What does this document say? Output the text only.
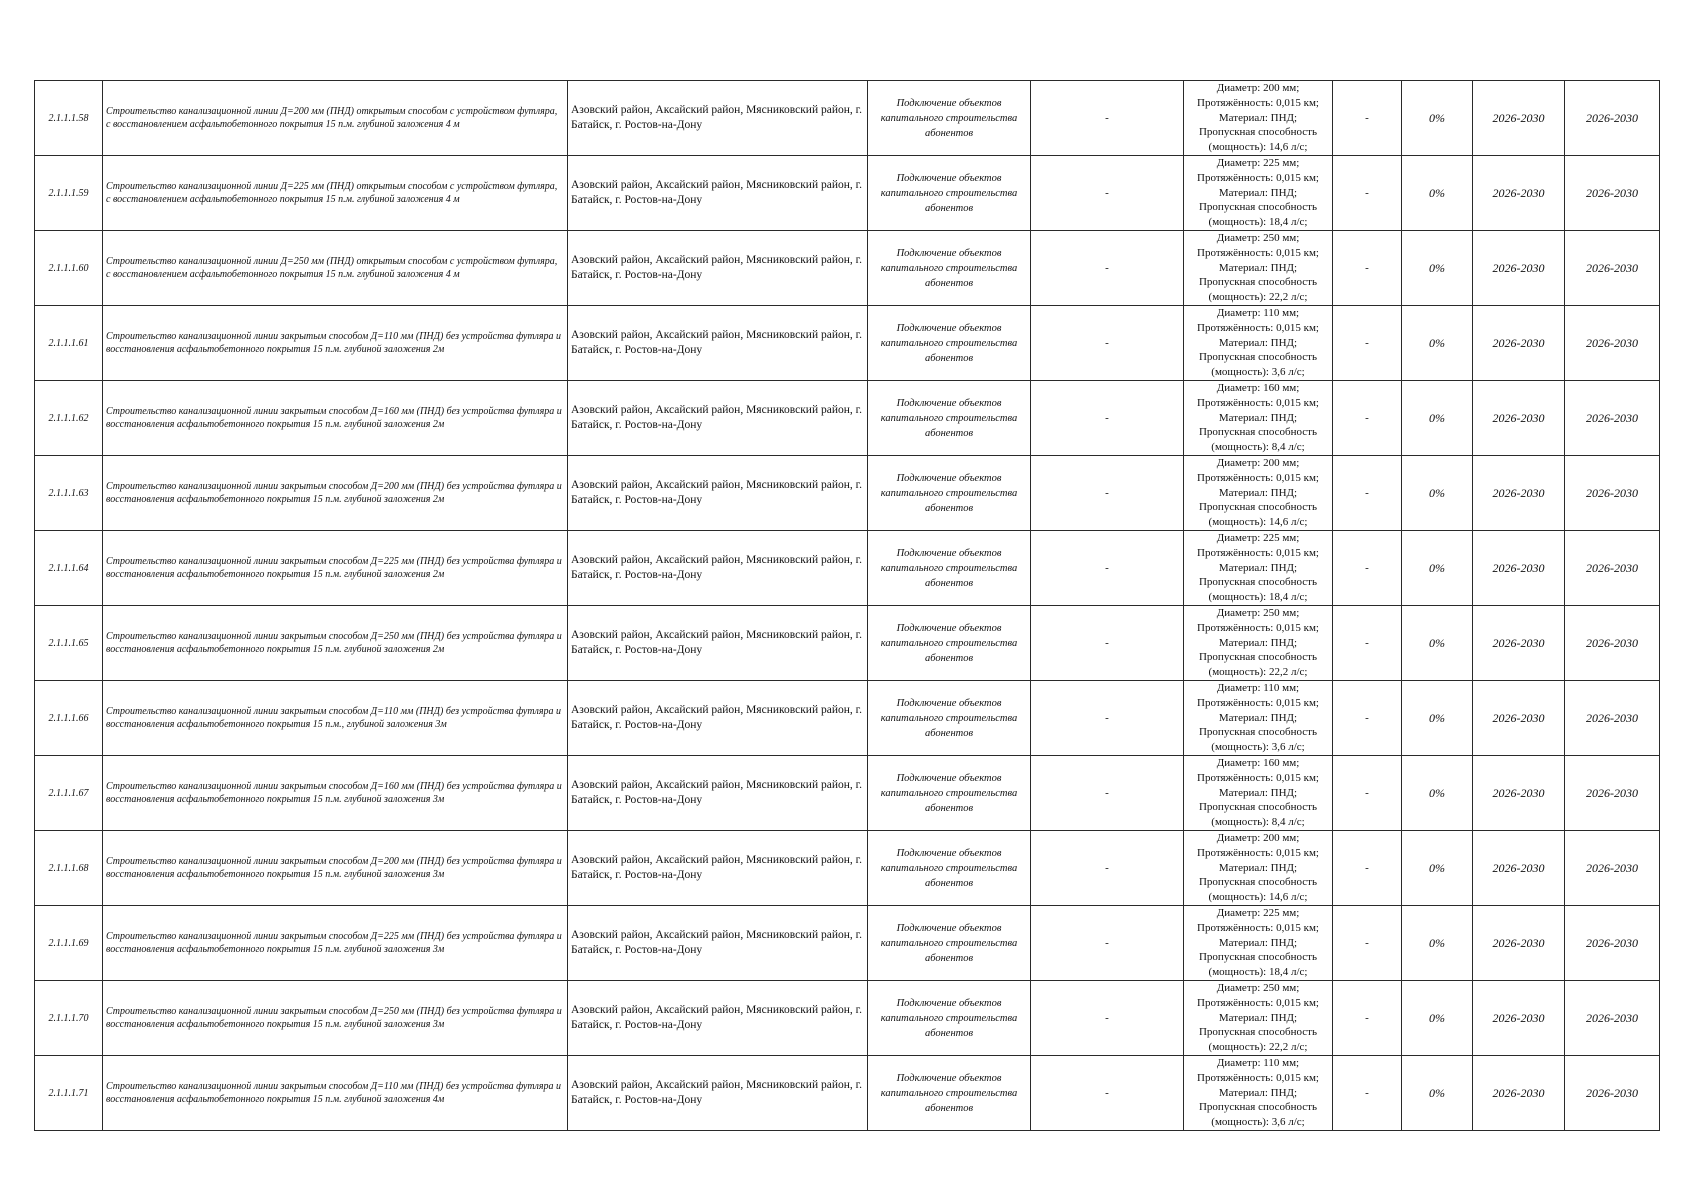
2.1.1.1.58	Строительство канализационной линии Д=200 мм (ПНД) открытым способом с устройством футляра, с восстановлением асфальтобетонного покрытия 15 п.м. глубиной заложения 4 м	Азовский район, Аксайский район, Мясниковский район, г. Батайск, г. Ростов-на-Дону	Подключение объектов капитального строительства абонентов	-	Диаметр: 200 мм;
Протяжённость: 0,015 км;
Материал: ПНД;
Пропускная способность
(мощность): 14,6 л/с;	-	0%	2026-2030	2026-2030
2.1.1.1.59	Строительство канализационной линии Д=225 мм (ПНД) открытым способом с устройством футляра, с восстановлением асфальтобетонного покрытия 15 п.м. глубиной заложения 4 м	Азовский район, Аксайский район, Мясниковский район, г. Батайск, г. Ростов-на-Дону	Подключение объектов капитального строительства абонентов	-	Диаметр: 225 мм;
Протяжённость: 0,015 км;
Материал: ПНД;
Пропускная способность
(мощность): 18,4 л/с;	-	0%	2026-2030	2026-2030
2.1.1.1.60	Строительство канализационной линии Д=250 мм (ПНД) открытым способом с устройством футляра, с восстановлением асфальтобетонного покрытия 15 п.м. глубиной заложения 4 м	Азовский район, Аксайский район, Мясниковский район, г. Батайск, г. Ростов-на-Дону	Подключение объектов капитального строительства абонентов	-	Диаметр: 250 мм;
Протяжённость: 0,015 км;
Материал: ПНД;
Пропускная способность
(мощность): 22,2 л/с;	-	0%	2026-2030	2026-2030
2.1.1.1.61	Строительство канализационной линии закрытым способом Д=110 мм (ПНД) без устройства футляра и восстановления асфальтобетонного покрытия 15 п.м. глубиной заложения 2м	Азовский район, Аксайский район, Мясниковский район, г. Батайск, г. Ростов-на-Дону	Подключение объектов капитального строительства абонентов	-	Диаметр: 110 мм;
Протяжённость: 0,015 км;
Материал: ПНД;
Пропускная способность
(мощность): 3,6 л/с;	-	0%	2026-2030	2026-2030
2.1.1.1.62	Строительство канализационной линии закрытым способом Д=160 мм (ПНД) без устройства футляра и восстановления асфальтобетонного покрытия 15 п.м. глубиной заложения 2м	Азовский район, Аксайский район, Мясниковский район, г. Батайск, г. Ростов-на-Дону	Подключение объектов капитального строительства абонентов	-	Диаметр: 160 мм;
Протяжённость: 0,015 км;
Материал: ПНД;
Пропускная способность
(мощность): 8,4 л/с;	-	0%	2026-2030	2026-2030
2.1.1.1.63	Строительство канализационной линии закрытым способом Д=200 мм (ПНД) без устройства футляра и восстановления асфальтобетонного покрытия 15 п.м. глубиной заложения 2м	Азовский район, Аксайский район, Мясниковский район, г. Батайск, г. Ростов-на-Дону	Подключение объектов капитального строительства абонентов	-	Диаметр: 200 мм;
Протяжённость: 0,015 км;
Материал: ПНД;
Пропускная способность
(мощность): 14,6 л/с;	-	0%	2026-2030	2026-2030
2.1.1.1.64	Строительство канализационной линии закрытым способом Д=225 мм (ПНД) без устройства футляра и восстановления асфальтобетонного покрытия 15 п.м. глубиной заложения 2м	Азовский район, Аксайский район, Мясниковский район, г. Батайск, г. Ростов-на-Дону	Подключение объектов капитального строительства абонентов	-	Диаметр: 225 мм;
Протяжённость: 0,015 км;
Материал: ПНД;
Пропускная способность
(мощность): 18,4 л/с;	-	0%	2026-2030	2026-2030
2.1.1.1.65	Строительство канализационной линии закрытым способом Д=250 мм (ПНД) без устройства футляра и восстановления асфальтобетонного покрытия 15 п.м. глубиной заложения 2м	Азовский район, Аксайский район, Мясниковский район, г. Батайск, г. Ростов-на-Дону	Подключение объектов капитального строительства абонентов	-	Диаметр: 250 мм;
Протяжённость: 0,015 км;
Материал: ПНД;
Пропускная способность
(мощность): 22,2 л/с;	-	0%	2026-2030	2026-2030
2.1.1.1.66	Строительство канализационной линии закрытым способом Д=110 мм (ПНД) без устройства футляра и восстановления асфальтобетонного покрытия 15 п.м., глубиной заложения 3м	Азовский район, Аксайский район, Мясниковский район, г. Батайск, г. Ростов-на-Дону	Подключение объектов капитального строительства абонентов	-	Диаметр: 110 мм;
Протяжённость: 0,015 км;
Материал: ПНД;
Пропускная способность
(мощность): 3,6 л/с;	-	0%	2026-2030	2026-2030
2.1.1.1.67	Строительство канализационной линии закрытым способом Д=160 мм (ПНД) без устройства футляра и восстановления асфальтобетонного покрытия 15 п.м. глубиной заложения 3м	Азовский район, Аксайский район, Мясниковский район, г. Батайск, г. Ростов-на-Дону	Подключение объектов капитального строительства абонентов	-	Диаметр: 160 мм;
Протяжённость: 0,015 км;
Материал: ПНД;
Пропускная способность
(мощность): 8,4 л/с;	-	0%	2026-2030	2026-2030
2.1.1.1.68	Строительство канализационной линии закрытым способом Д=200 мм (ПНД) без устройства футляра и восстановления асфальтобетонного покрытия 15 п.м. глубиной заложения 3м	Азовский район, Аксайский район, Мясниковский район, г. Батайск, г. Ростов-на-Дону	Подключение объектов капитального строительства абонентов	-	Диаметр: 200 мм;
Протяжённость: 0,015 км;
Материал: ПНД;
Пропускная способность
(мощность): 14,6 л/с;	-	0%	2026-2030	2026-2030
2.1.1.1.69	Строительство канализационной линии закрытым способом Д=225 мм (ПНД) без устройства футляра и восстановления асфальтобетонного покрытия 15 п.м. глубиной заложения 3м	Азовский район, Аксайский район, Мясниковский район, г. Батайск, г. Ростов-на-Дону	Подключение объектов капитального строительства абонентов	-	Диаметр: 225 мм;
Протяжённость: 0,015 км;
Материал: ПНД;
Пропускная способность
(мощность): 18,4 л/с;	-	0%	2026-2030	2026-2030
2.1.1.1.70	Строительство канализационной линии закрытым способом Д=250 мм (ПНД) без устройства футляра и восстановления асфальтобетонного покрытия 15 п.м. глубиной заложения 3м	Азовский район, Аксайский район, Мясниковский район, г. Батайск, г. Ростов-на-Дону	Подключение объектов капитального строительства абонентов	-	Диаметр: 250 мм;
Протяжённость: 0,015 км;
Материал: ПНД;
Пропускная способность
(мощность): 22,2 л/с;	-	0%	2026-2030	2026-2030
2.1.1.1.71	Строительство канализационной линии закрытым способом Д=110 мм (ПНД) без устройства футляра и восстановления асфальтобетонного покрытия 15 п.м. глубиной заложения 4м	Азовский район, Аксайский район, Мясниковский район, г. Батайск, г. Ростов-на-Дону	Подключение объектов капитального строительства абонентов	-	Диаметр: 110 мм;
Протяжённость: 0,015 км;
Материал: ПНД;
Пропускная способность
(мощность): 3,6 л/с;	-	0%	2026-2030	2026-2030
